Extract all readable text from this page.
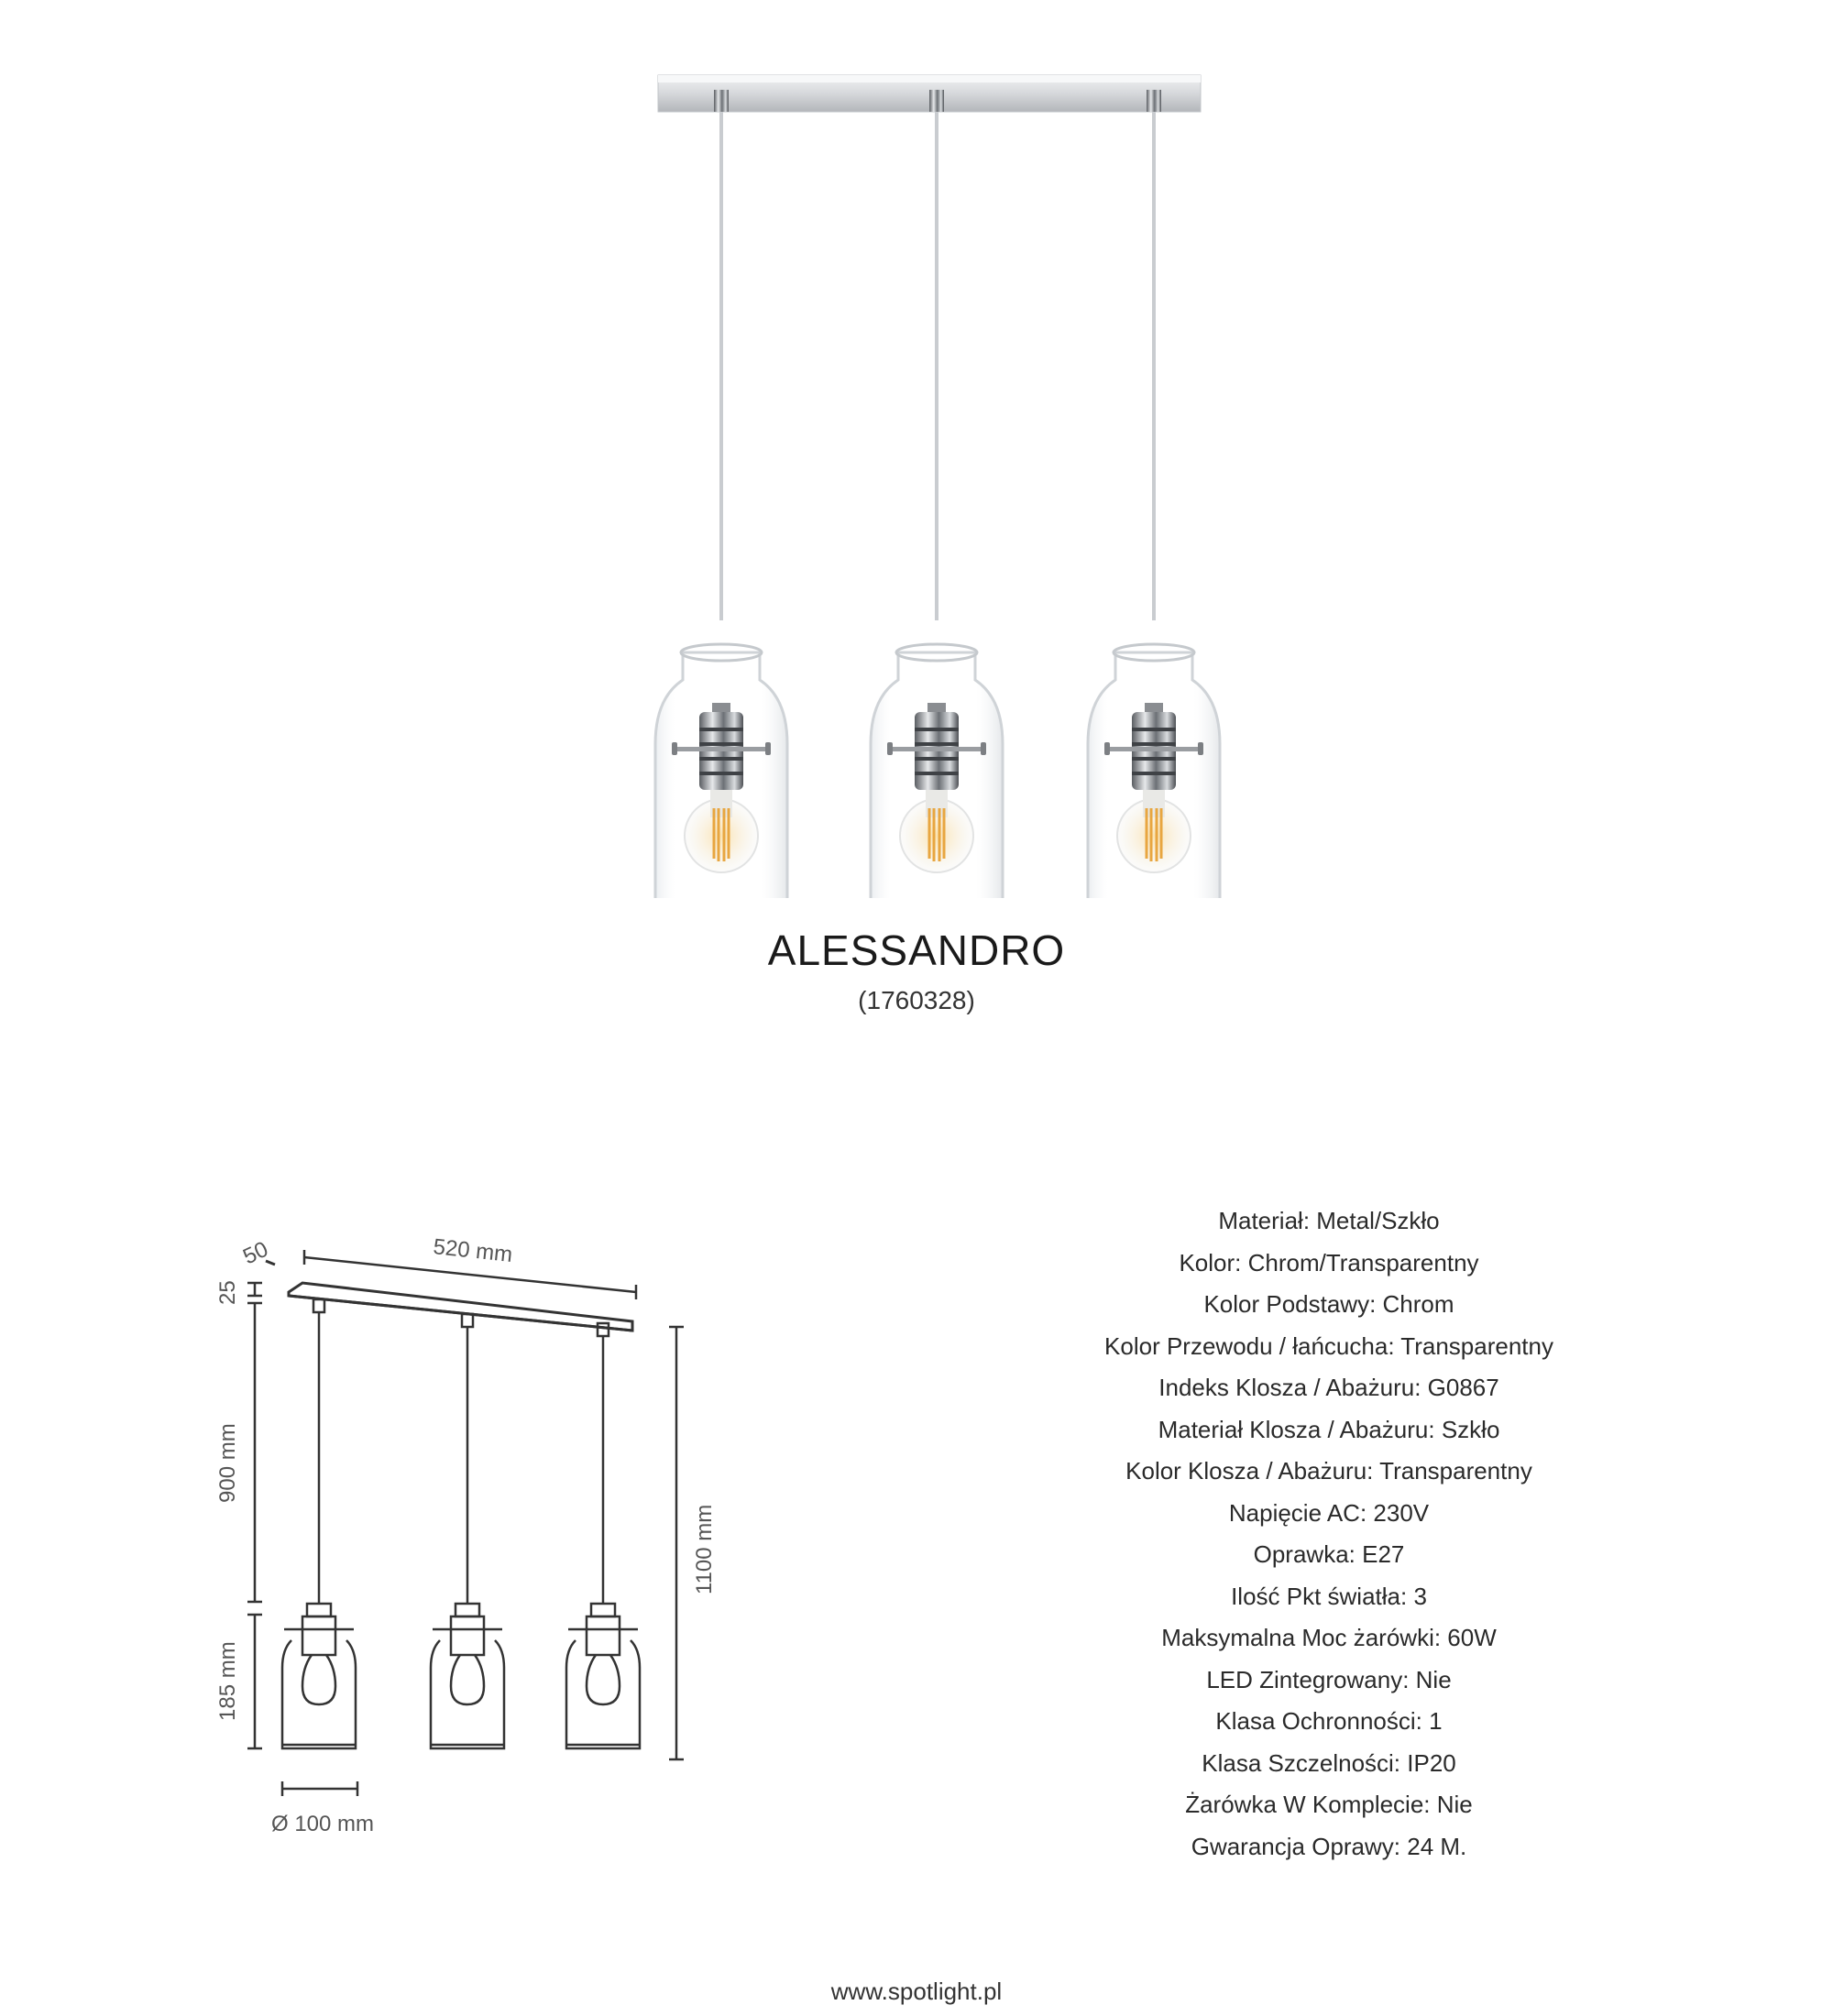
ALESSANDRO
(1760328)
50	520 mm
25
900 mm
185 mm
1100 mm
Ø 100 mm
Materiał: Metal/Szkło
Kolor: Chrom/Transparentny
Kolor Podstawy: Chrom
Kolor Przewodu / łańcucha: Transparentny
Indeks Klosza / Abażuru: G0867
Materiał Klosza / Abażuru: Szkło
Kolor Klosza / Abażuru: Transparentny
Napięcie AC: 230V
Oprawka: E27
Ilość Pkt światła: 3
Maksymalna Moc żarówki: 60W
LED Zintegrowany: Nie
Klasa Ochronności: 1
Klasa Szczelności: IP20
Żarówka W Komplecie: Nie
Gwarancja Oprawy: 24 M.
www.spotlight.pl
